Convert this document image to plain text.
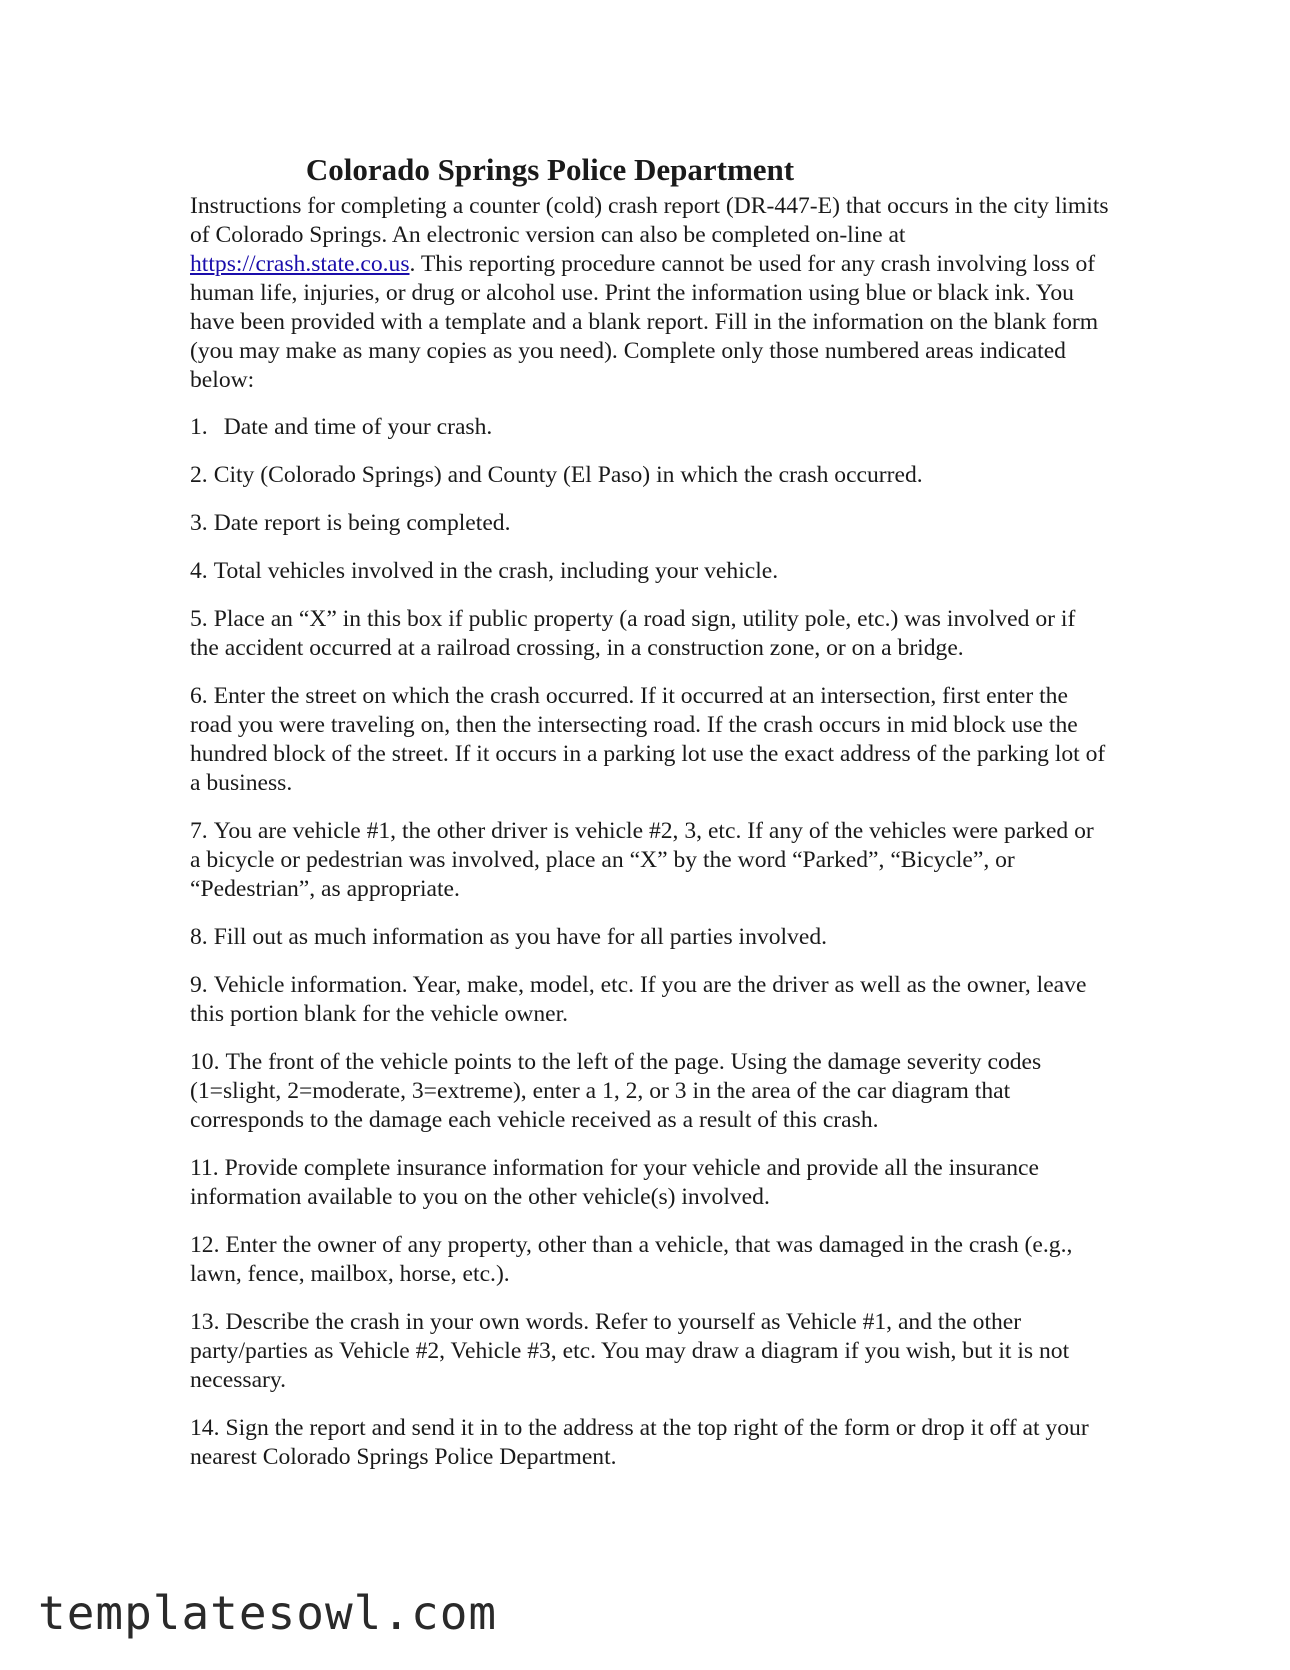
Colorado Springs Police Department
Instructions for completing a counter (cold) crash report (DR-447-E) that occurs in the city limits of Colorado Springs. An electronic version can also be completed on-line at https://crash.state.co.us. This reporting procedure cannot be used for any crash involving loss of human life, injuries, or drug or alcohol use. Print the information using blue or black ink. You have been provided with a template and a blank report. Fill in the information on the blank form (you may make as many copies as you need). Complete only those numbered areas indicated below:
1. Date and time of your crash.
2. City (Colorado Springs) and County (El Paso) in which the crash occurred.
3. Date report is being completed.
4. Total vehicles involved in the crash, including your vehicle.
5. Place an “X” in this box if public property (a road sign, utility pole, etc.) was involved or if the accident occurred at a railroad crossing, in a construction zone, or on a bridge.
6. Enter the street on which the crash occurred. If it occurred at an intersection, first enter the road you were traveling on, then the intersecting road. If the crash occurs in mid block use the hundred block of the street. If it occurs in a parking lot use the exact address of the parking lot of a business.
7. You are vehicle #1, the other driver is vehicle #2, 3, etc. If any of the vehicles were parked or a bicycle or pedestrian was involved, place an “X” by the word “Parked”, “Bicycle”, or “Pedestrian”, as appropriate.
8. Fill out as much information as you have for all parties involved.
9. Vehicle information. Year, make, model, etc. If you are the driver as well as the owner, leave this portion blank for the vehicle owner.
10. The front of the vehicle points to the left of the page. Using the damage severity codes (1=slight, 2=moderate, 3=extreme), enter a 1, 2, or 3 in the area of the car diagram that corresponds to the damage each vehicle received as a result of this crash.
11. Provide complete insurance information for your vehicle and provide all the insurance information available to you on the other vehicle(s) involved.
12. Enter the owner of any property, other than a vehicle, that was damaged in the crash (e.g., lawn, fence, mailbox, horse, etc.).
13. Describe the crash in your own words. Refer to yourself as Vehicle #1, and the other party/parties as Vehicle #2, Vehicle #3, etc. You may draw a diagram if you wish, but it is not necessary.
14. Sign the report and send it in to the address at the top right of the form or drop it off at your nearest Colorado Springs Police Department.
templatesowl.com
